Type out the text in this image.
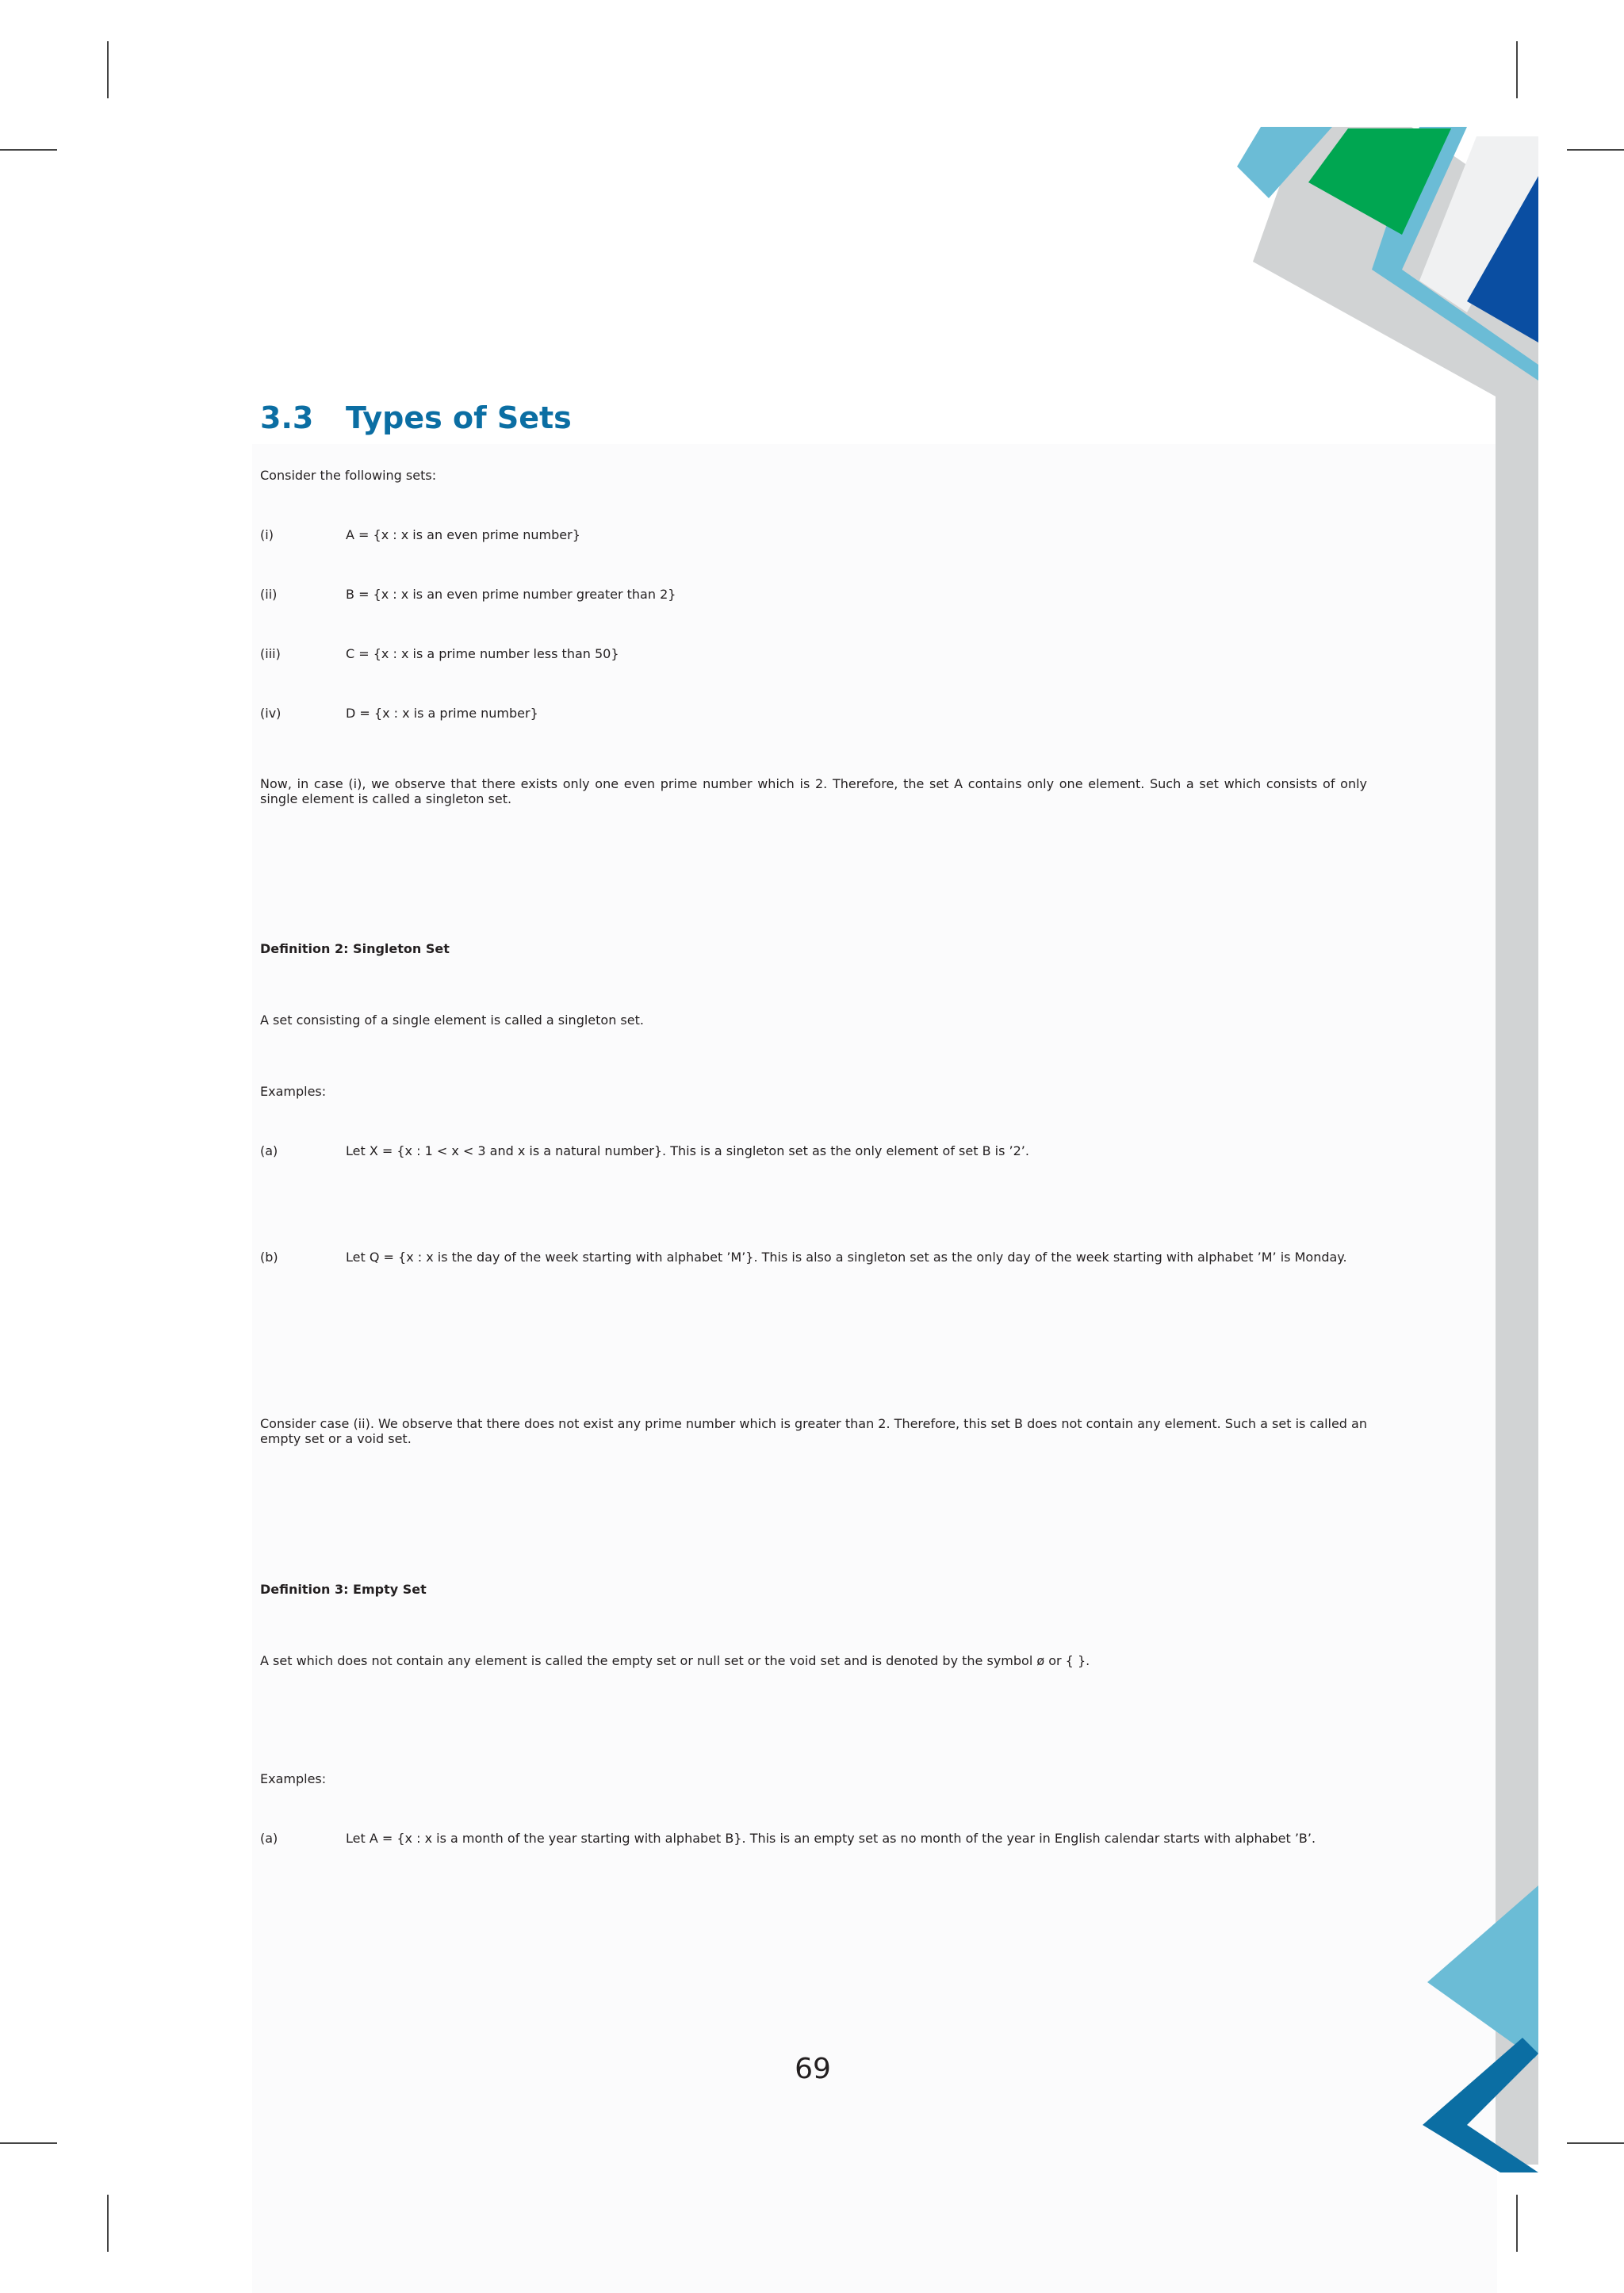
3.3 Types of Sets
Consider the following sets:
(i)	A = {x : x is an even prime number}
(ii)	B = {x : x is an even prime number greater than 2}
(iii)	C = {x : x is a prime number less than 50}
(iv)	D = {x : x is a prime number}
Now, in case (i), we observe that there exists only one even prime number which is 2. Therefore, the set A contains only one element. Such a set which consists of only single element is called a singleton set.
Definition 2: Singleton Set
A set consisting of a single element is called a singleton set.
Examples:
(a)	Let X = {x : 1 < x < 3 and x is a natural number}. This is a singleton set as the only element of set B is ’2’.
(b)	Let Q = {x : x is the day of the week starting with alphabet ’M’}. This is also a singleton set as the only day of the week starting with alphabet ’M’ is Monday.
Consider case (ii). We observe that there does not exist any prime number which is greater than 2. Therefore, this set B does not contain any element. Such a set is called an empty set or a void set.
Definition 3: Empty Set
A set which does not contain any element is called the empty set or null set or the void set and is denoted by the symbol ø or { }.
Examples:
(a)	Let A = {x : x is a month of the year starting with alphabet B}. This is an empty set as no month of the year in English calendar starts with alphabet ’B’.
69
